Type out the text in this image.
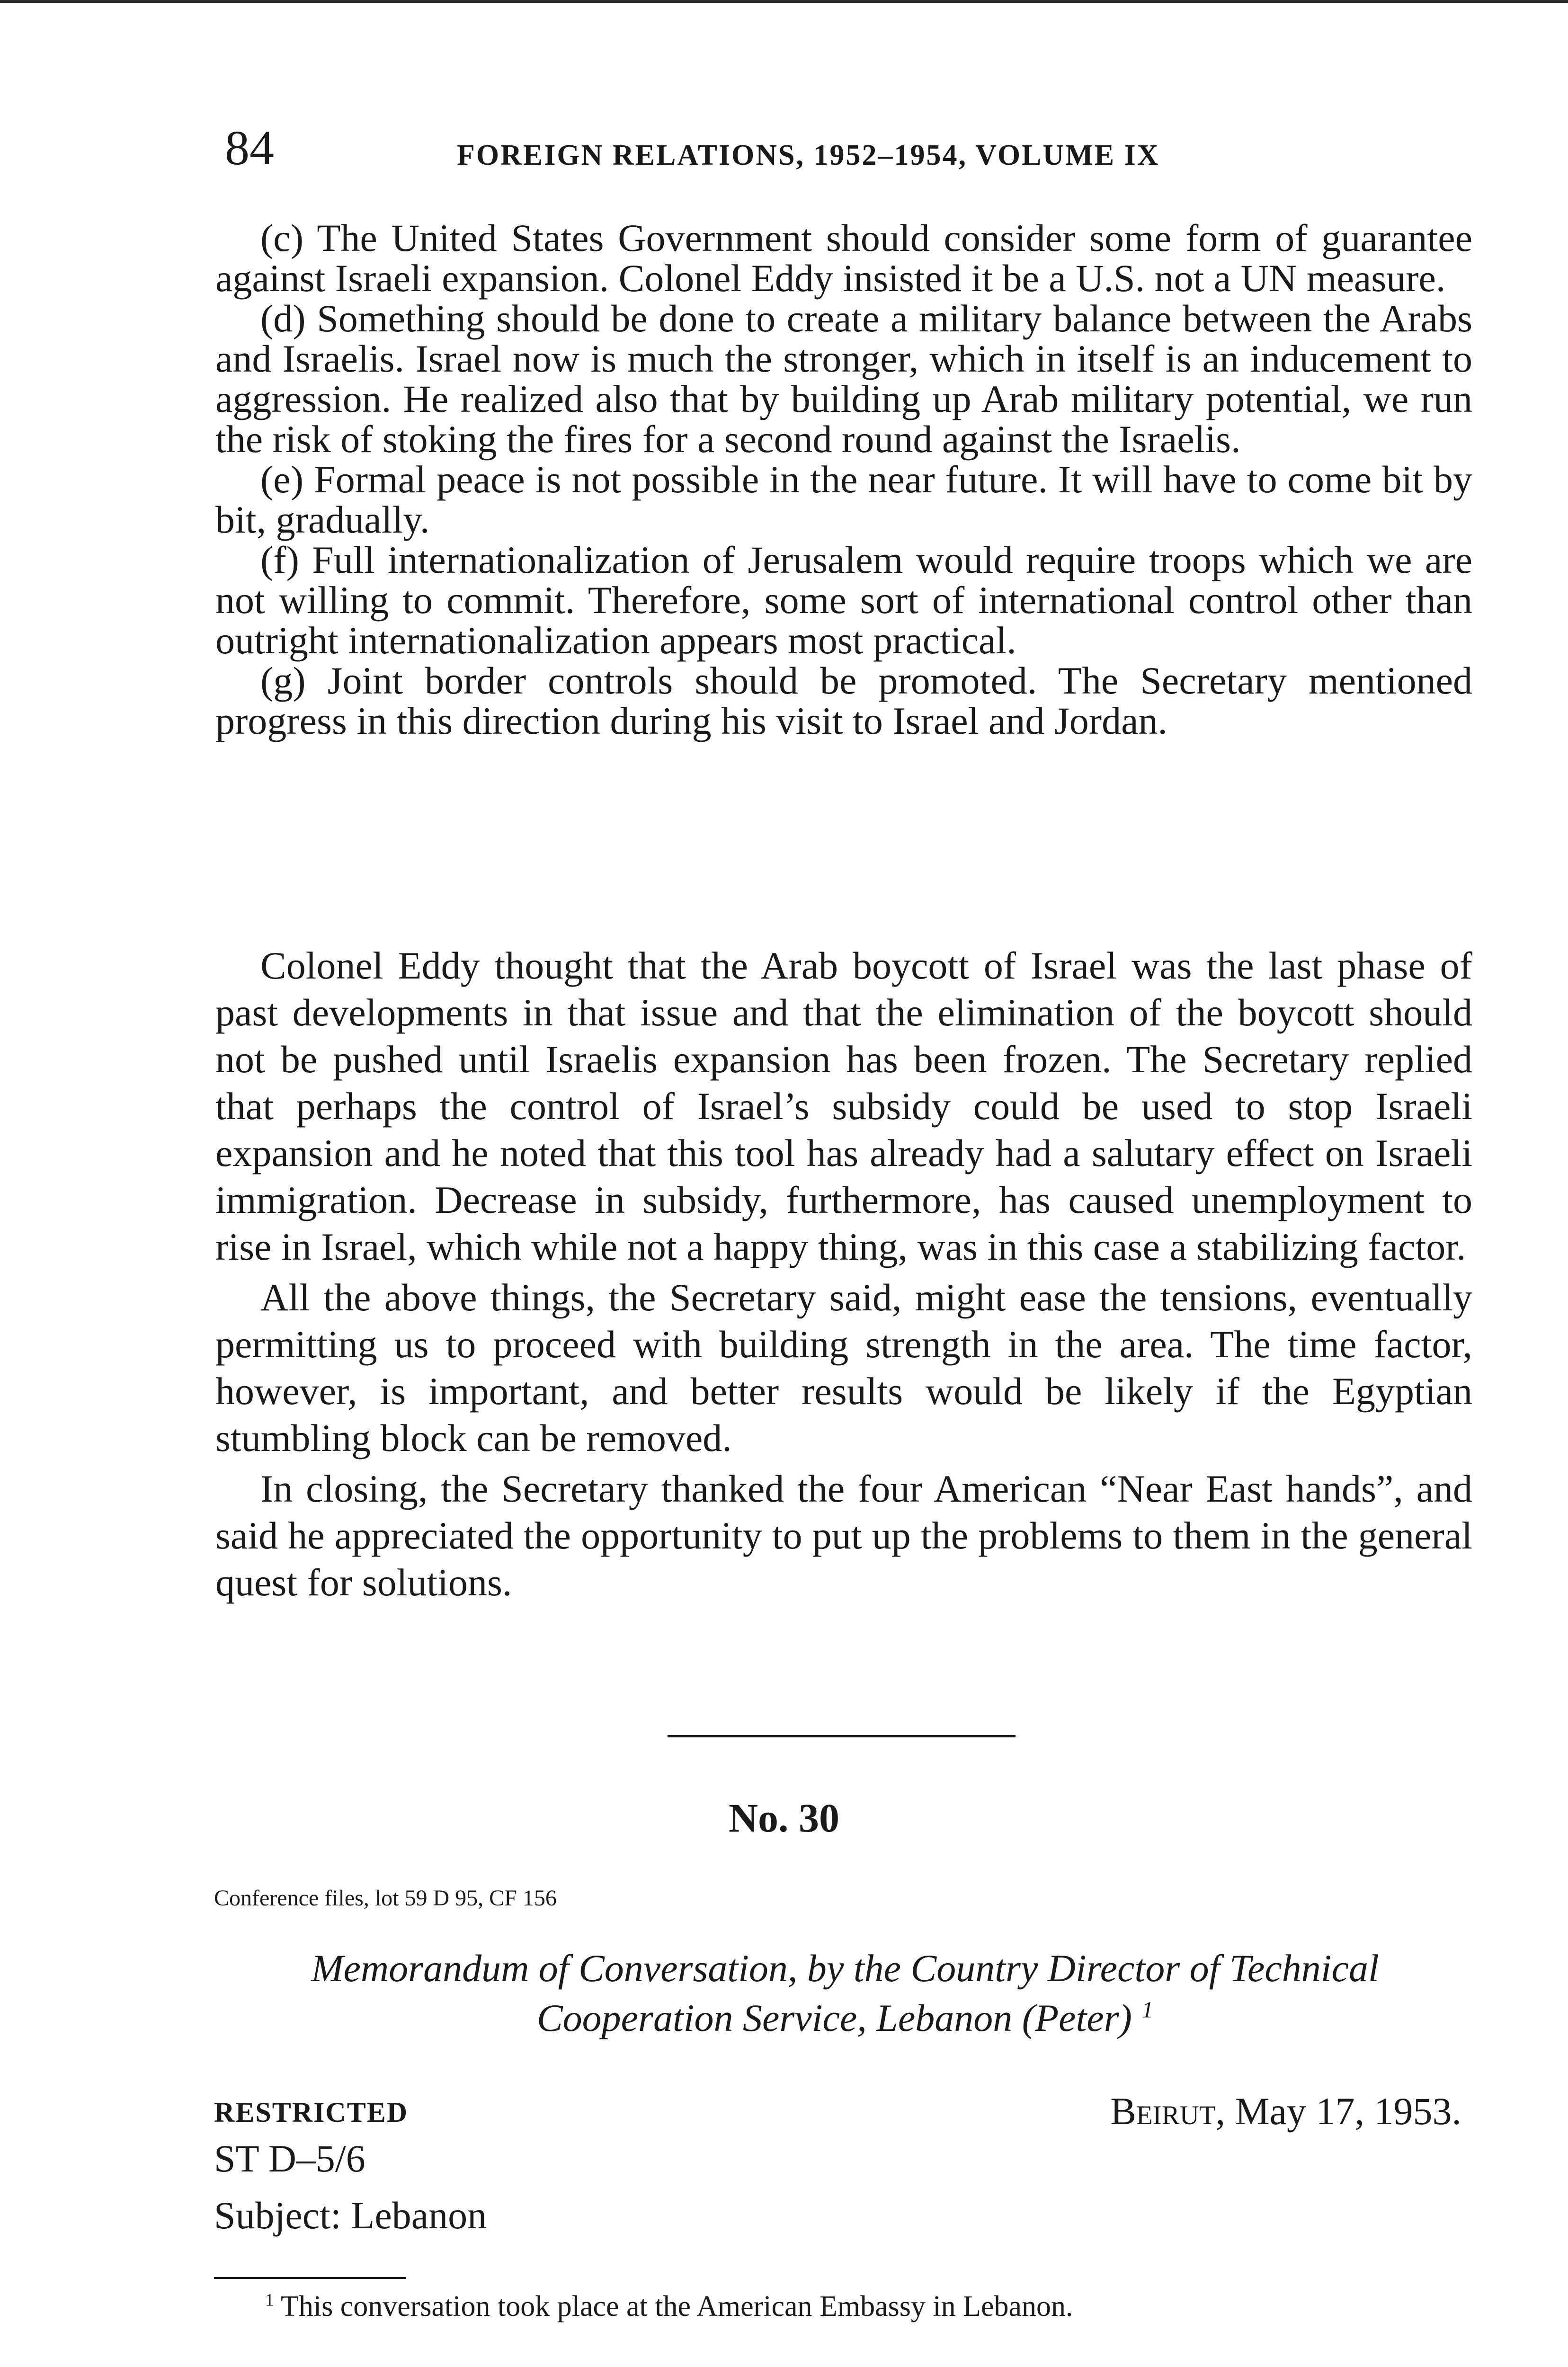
84	FOREIGN RELATIONS, 1952–1954, VOLUME IX

(c) The United States Government should consider some form of guarantee against Israeli expansion. Colonel Eddy insisted it be a U.S. not a UN measure.

(d) Something should be done to create a military balance between the Arabs and Israelis. Israel now is much the stronger, which in itself is an inducement to aggression. He realized also that by building up Arab military potential, we run the risk of stoking the fires for a second round against the Israelis.

(e) Formal peace is not possible in the near future. It will have to come bit by bit, gradually.

(f) Full internationalization of Jerusalem would require troops which we are not willing to commit. Therefore, some sort of international control other than outright internationalization appears most practical.

(g) Joint border controls should be promoted. The Secretary mentioned progress in this direction during his visit to Israel and Jordan.

Colonel Eddy thought that the Arab boycott of Israel was the last phase of past developments in that issue and that the elimination of the boycott should not be pushed until Israelis expansion has been frozen. The Secretary replied that perhaps the control of Israel’s subsidy could be used to stop Israeli expansion and he noted that this tool has already had a salutary effect on Israeli immigration. Decrease in subsidy, furthermore, has caused unemployment to rise in Israel, which while not a happy thing, was in this case a stabilizing factor.

All the above things, the Secretary said, might ease the tensions, eventually permitting us to proceed with building strength in the area. The time factor, however, is important, and better results would be likely if the Egyptian stumbling block can be removed.

In closing, the Secretary thanked the four American “Near East hands”, and said he appreciated the opportunity to put up the problems to them in the general quest for solutions.

No. 30
Conference files, lot 59 D 95, CF 156
Memorandum of Conversation, by the Country Director of Technical
Cooperation Service, Lebanon (Peter) $^1$
RESTRICTED	Beirut, May 17, 1953.
ST D–5/6
Subject: Lebanon
$^1$ This conversation took place at the American Embassy in Lebanon.
